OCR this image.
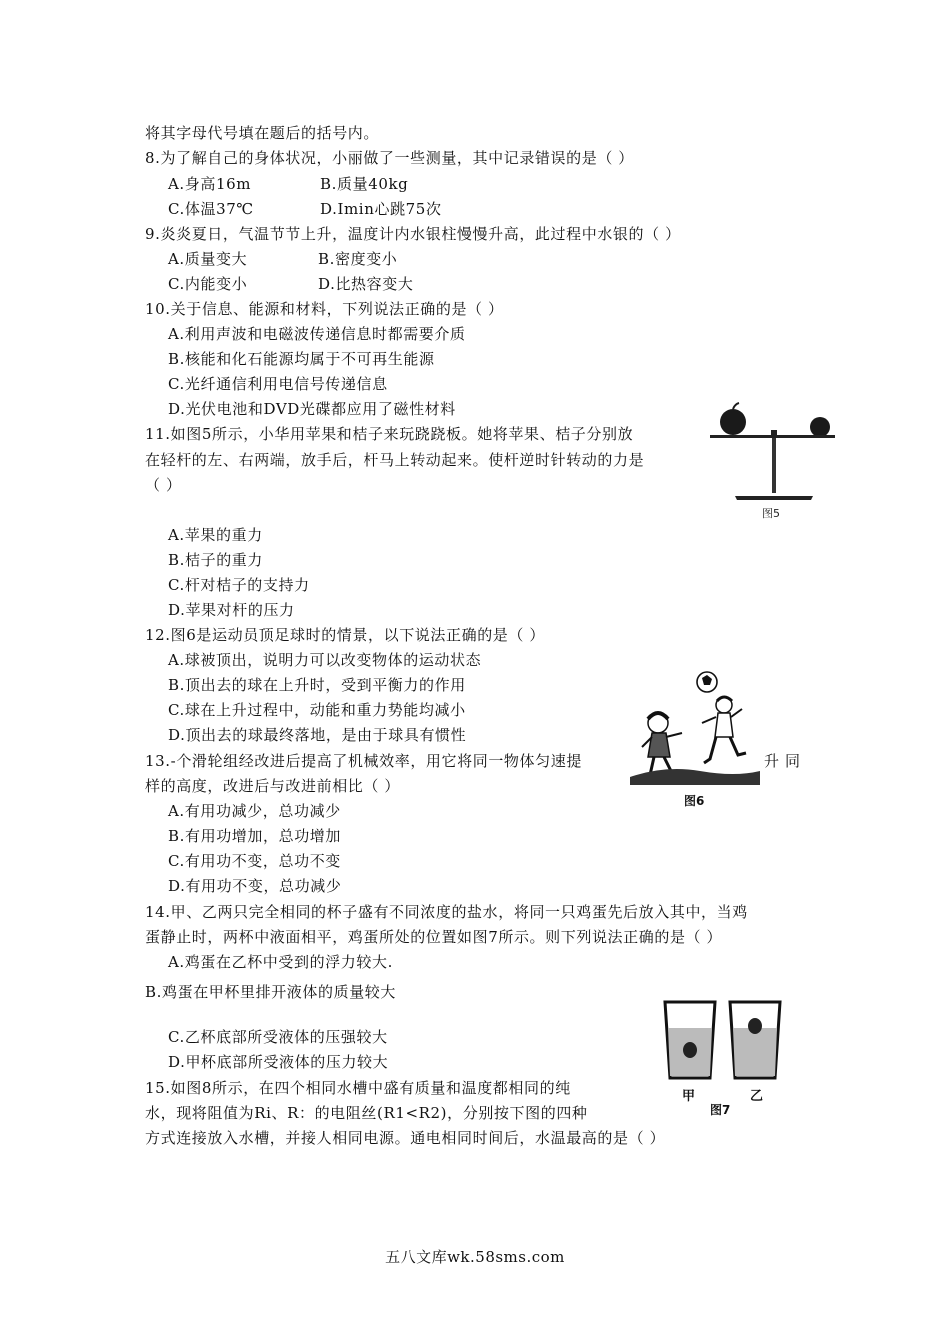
将其字母代号填在题后的括号内。
8.为了解自己的身体状况，小丽做了一些测量，其中记录错误的是（ ）
A.身高16m	B.质量40kg
C.体温37℃	D.Imin心跳75次
9.炎炎夏日，气温节节上升，温度计内水银柱慢慢升高，此过程中水银的（ ）
A.质量变大	B.密度变小
C.内能变小	D.比热容变大
10.关于信息、能源和材料，下列说法正确的是（ ）
A.利用声波和电磁波传递信息时都需要介质
B.核能和化石能源均属于不可再生能源
C.光纤通信利用电信号传递信息
D.光伏电池和DVD光碟都应用了磁性材料
11.如图5所示，小华用苹果和桔子来玩跷跷板。她将苹果、桔子分别放
在轻杆的左、右两端，放手后，杆马上转动起来。使杆逆时针转动的力是
（ ）
A.苹果的重力
B.桔子的重力
C.杆对桔子的支持力
D.苹果对杆的压力
12.图6是运动员顶足球时的情景，以下说法正确的是（ ）
A.球被顶出，说明力可以改变物体的运动状态
B.顶出去的球在上升时，受到平衡力的作用
C.球在上升过程中，动能和重力势能均减小
D.顶出去的球最终落地，是由于球具有惯性
13.-个滑轮组经改进后提高了机械效率，用它将同一物体匀速提	升 同
样的高度，改进后与改进前相比（ ）
A.有用功减少，总功减少
B.有用功增加，总功增加
C.有用功不变，总功不变
D.有用功不变，总功减少
14.甲、乙两只完全相同的杯子盛有不同浓度的盐水，将同一只鸡蛋先后放入其中，当鸡
蛋静止时，两杯中液面相平，鸡蛋所处的位置如图7所示。则下列说法正确的是（ ）
A.鸡蛋在乙杯中受到的浮力较大.
B.鸡蛋在甲杯里排开液体的质量较大
C.乙杯底部所受液体的压强较大
D.甲杯底部所受液体的压力较大
15.如图8所示，在四个相同水槽中盛有质量和温度都相同的纯
水，现将阻值为Ri、R：的电阻丝(R1<R2)，分别按下图的四种
方式连接放入水槽，并接人相同电源。通电相同时间后，水温最高的是（ ）
图5
图6
甲	乙
图7
五八文库wk.58sms.com
